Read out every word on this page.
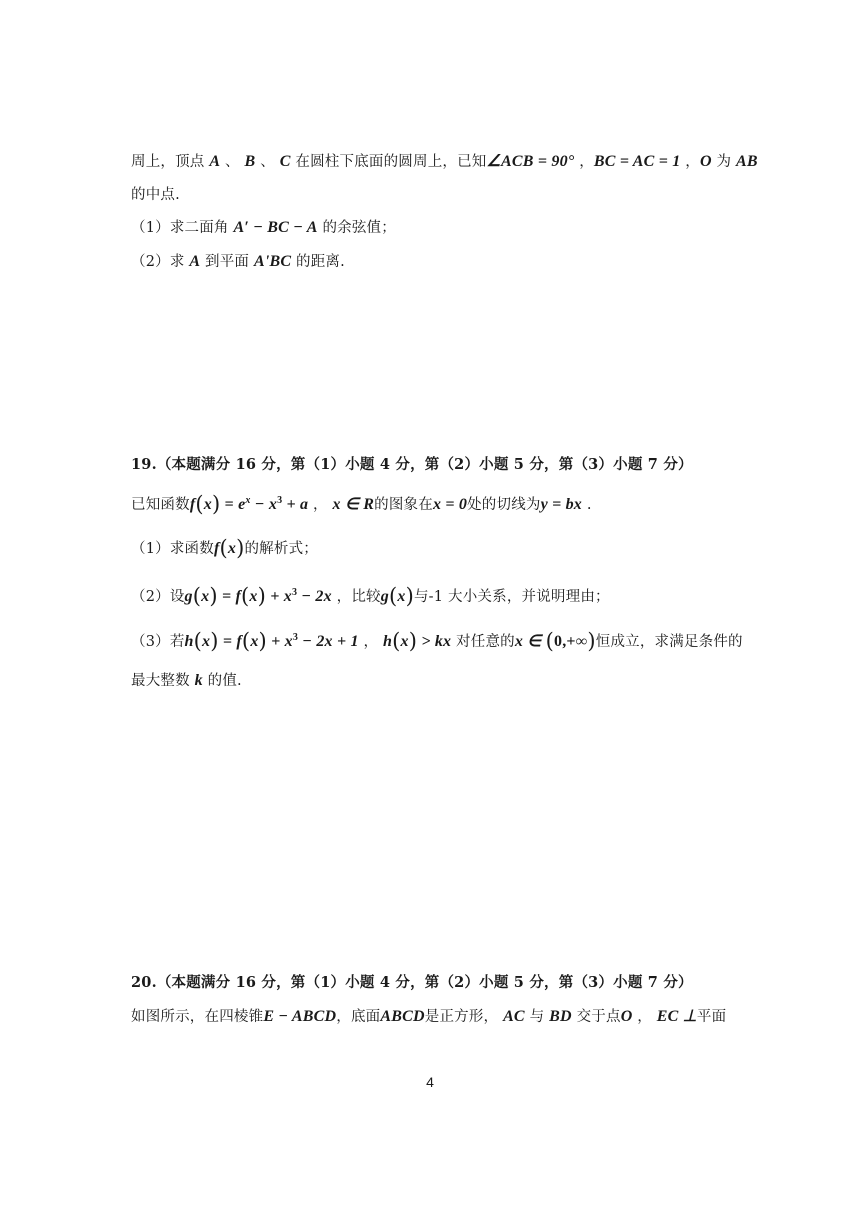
周上，顶点 A 、 B 、 C 在圆柱下底面的圆周上，已知∠ACB = 90° ，BC = AC = 1 ，O 为 AB
的中点.
（1）求二面角 A′ − BC − A 的余弦值；
（2）求 A 到平面 A'BC 的距离.
19.（本题满分 16 分，第（1）小题 4 分，第（2）小题 5 分，第（3）小题 7 分）
已知函数$f(x) = e^x - x^3 + a$ ， x ∈ R的图象在x = 0处的切线为y = bx .
（1）求函数f(x)的解析式；
（2）设$g(x) = f(x) + x^3 - 2x$ ，比较g(x)与-1 大小关系，并说明理由；
（3）若$h(x) = f(x) + x^3 - 2x + 1$ ， h(x) > kx 对任意的x ∈ (0,+∞)恒成立，求满足条件的
最大整数 k 的值.
20.（本题满分 16 分，第（1）小题 4 分，第（2）小题 5 分，第（3）小题 7 分）
如图所示，在四棱锥E − ABCD，底面ABCD是正方形， AC 与 BD 交于点O ， EC ⊥平面
4
